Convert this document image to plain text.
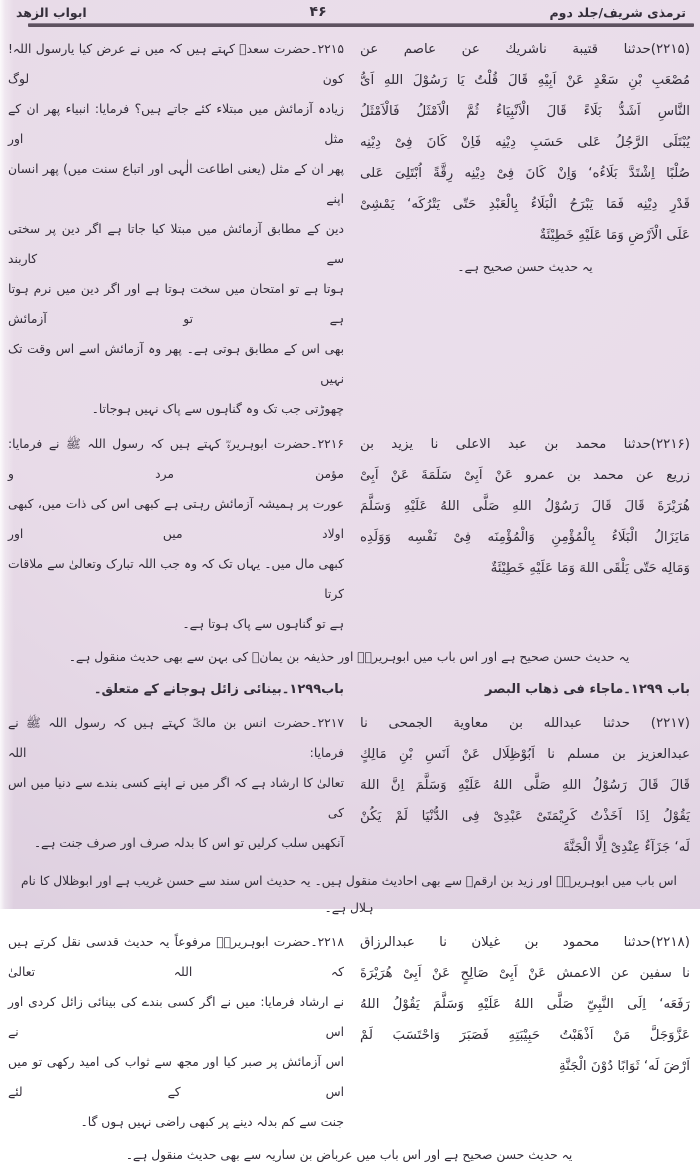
ترمذی شریف/جلد دوم
۴۶
ابواب الزهد
(۲۲۱۵)حدثنا قتیبة ناشریك عن عاصم عن
مُصْعَبِ بْنِ سَعْدٍ عَنْ اَبِيْهِ قَالَ قُلْتُ يَا رَسُوْلَ اللهِ اَىُّ
النَّاسِ اَشَدُّ بَلَاءً قَالَ الْاَنْبِيَاءُ ثُمَّ الْاَمْثَلُ فَالْاَمْثَلُ
يُبْتَلَى الرَّجُلُ عَلى حَسَبِ دِيْنِه فَاِنْ كَانَ فِىْ دِيْنِه
صُلْبًا اِشْتَدَّ بَلَاءُه‘ وَاِنْ كَانَ فِىْ دِيْنِه رِقَّةً اُبْتَلِىَ عَلى
قَدْرِ دِيْنِه فَمَا يَبْرَحُ الْبَلَاءُ بِالْعَبْدِ حَتّى يَتْرُكَه‘ يَمْشِىْ
عَلَى الْاَرْضِ وَمَا عَلَيْهِ خَطِيْئَةٌ
یہ حدیث حسن صحیح ہے۔
۲۲۱۵۔حضرت سعدؓ کہتے ہیں کہ میں نے عرض کیا یارسول اللہ! کون لوگ
زیادہ آزمائش میں مبتلاء کئے جاتے ہیں؟ فرمایا: انبیاء پھر ان کے مثل اور
پھر ان کے مثل (یعنی اطاعت الٰہی اور اتباع سنت میں) پھر انسان اپنے
دین کے مطابق آزمائش میں مبتلا کیا جاتا ہے اگر دین پر سختی سے کاربند
ہوتا ہے تو امتحان میں سخت ہوتا ہے اور اگر دین میں نرم ہوتا ہے تو آزمائش
بھی اس کے مطابق ہوتی ہے۔ پھر وہ آزمائش اسے اس وقت تک نہیں
چھوڑتی جب تک وہ گناہوں سے پاک نہیں ہوجاتا۔
(۲۲۱۶)حدثنا محمد بن عبد الاعلی نا یزید بن
زریع عن محمد بن عمرو عَنْ اَبِىْ سَلَمَةَ عَنْ اَبِىْ
هُرَيْرَةَ قَالَ قَالَ رَسُوْلُ اللهِ صَلَّى اللهُ عَلَيْهِ وَسَلَّمَ
مَايَزَالُ الْبَلَاءُ بِالْمُؤْمِنِ وَالْمُؤْمِنَه فِىْ نَفْسِه وَوَلَدِه
وَمَالِه حَتّى يَلْقَى اللهَ وَمَا عَلَيْهِ خَطِيْئَةٌ
۲۲۱۶۔حضرت ابوہریرہؓ کہتے ہیں کہ رسول اللہ ﷺ نے فرمایا: مؤمن مرد و
عورت پر ہمیشہ آزمائش رہتی ہے کبھی اس کی ذات میں، کبھی اولاد میں اور
کبھی مال میں۔ یہاں تک کہ وہ جب اللہ تبارک وتعالیٰ سے ملاقات کرتا
ہے تو گناہوں سے پاک ہوتا ہے۔
یہ حدیث حسن صحیح ہے اور اس باب میں ابوہریرہؓ اور حذیفہ بن یمانؓ کی بہن سے بھی حدیث منقول ہے۔
باب ۱۲۹۹۔ماجاء فی ذهاب البصر
باب۱۲۹۹۔بینائی زائل ہوجانے کے متعلق۔
(۲۲۱۷) حدثنا عبدالله بن معاویة الجمحی نا
عبدالعزیز بن مسلم نا اَبُوْظِلَال عَنْ اَنَسِ بْنِ مَالِكٍ
قَالَ قَالَ رَسُوْلُ اللهِ صَلَّى اللهُ عَلَيْهِ وَسَلَّمَ اِنَّ اللهَ
يَقُوْلُ اِذَا اَخَذْتُ كَرِيْمَتَىْ عَبْدِىْ فِى الدُّنْيَا لَمْ يَكُنْ
لَه‘ جَزَآءٌ عِنْدِىْ اِلَّا الْجَنَّةَ
۲۲۱۷۔حضرت انس بن مالکؓ کہتے ہیں کہ رسول اللہ ﷺ نے فرمایا: اللہ
تعالیٰ کا ارشاد ہے کہ اگر میں نے اپنے کسی بندے سے دنیا میں اس کی
آنکھیں سلب کرلیں تو اس کا بدلہ صرف اور صرف جنت ہے۔
اس باب میں ابوہریرہؓ اور زید بن ارقمؓ سے بھی احادیث منقول ہیں۔ یہ حدیث اس سند سے حسن غریب ہے اور ابوظلال کا نام ہلال ہے۔
(۲۲۱۸)حدثنا محمود بن غیلان نا عبدالرزاق
نا سفین عن الاعمش عَنْ اَبِىْ صَالِحٍ عَنْ اَبِىْ هُرَيْرَةَ
رَفَعَه‘ اِلَى النَّبِىِّ صَلَّى اللهُ عَلَيْهِ وَسَلَّمَ يَقُوْلُ اللهُ
عَزَّوَجَلَّ مَنْ اَذْهَبْتُ حَبِيْبَتِهِ فَصَبَرَ وَاحْتَسَبَ لَمْ
اَرْضَ لَه‘ ثَوَابًا دُوْنَ الْجَنَّةِ
۲۲۱۸۔حضرت ابوہریرہؓ مرفوعاً یہ حدیث قدسی نقل کرتے ہیں کہ اللہ تعالیٰ
نے ارشاد فرمایا: میں نے اگر کسی بندے کی بینائی زائل کردی اور اس نے
اس آزمائش پر صبر کیا اور مجھ سے ثواب کی امید رکھی تو میں اس کے لئے
جنت سے کم بدلہ دینے پر کبھی راضی نہیں ہوں گا۔
یہ حدیث حسن صحیح ہے اور اس باب میں عرباض بن ساریہ سے بھی حدیث منقول ہے۔
